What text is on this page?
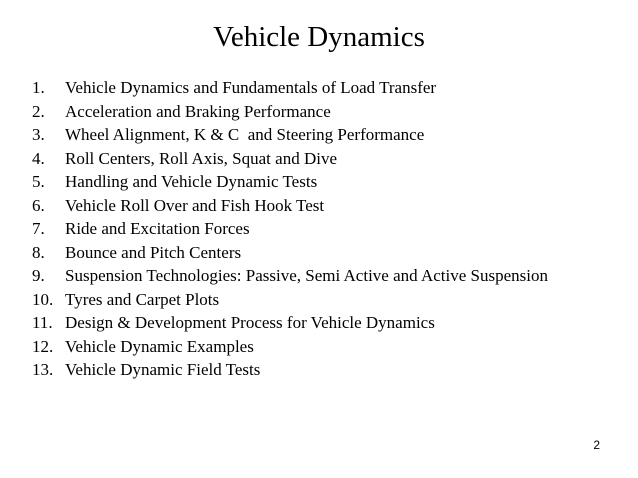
Vehicle Dynamics
1.	Vehicle Dynamics and Fundamentals of Load Transfer
2.	Acceleration and Braking Performance
3.	Wheel Alignment, K & C  and Steering Performance
4.	Roll Centers, Roll Axis, Squat and Dive
5.	Handling and Vehicle Dynamic Tests
6.	Vehicle Roll Over and Fish Hook Test
7.	Ride and Excitation Forces
8.	Bounce and Pitch Centers
9.	Suspension Technologies: Passive, Semi Active and Active Suspension
10. Tyres and Carpet Plots
11. Design & Development Process for Vehicle Dynamics
12. Vehicle Dynamic Examples
13. Vehicle Dynamic Field Tests
2
